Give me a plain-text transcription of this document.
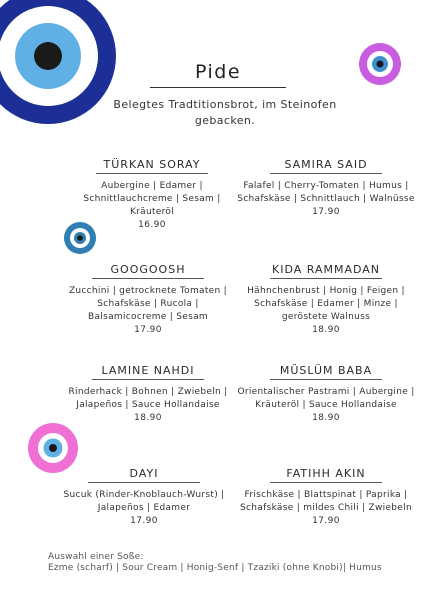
Pide
Belegtes Tradtitionsbrot, im Steinofen gebacken.
TÜRKAN SORAY
Aubergine | Edamer | Schnittlauchcreme | Sesam | Kräuteröl
16.90
SAMIRA SAID
Falafel | Cherry-Tomaten | Humus | Schafskäse | Schnittlauch | Walnüsse
17.90
GOOGOOSH
Zucchini | getrocknete Tomaten | Schafskäse | Rucola | Balsamicocreme | Sesam
17.90
KIDA RAMMADAN
Hähnchenbrust | Honig | Feigen | Schafskäse | Edamer | Minze | geröstete Walnuss
18.90
LAMINE NAHDI
Rinderhack | Bohnen | Zwiebeln | Jalapeños | Sauce Hollandaise
18.90
MÜSLÜM BABA
Orientalischer Pastrami | Aubergine | Kräuteröl | Sauce Hollandaise
18.90
DAYI
Sucuk (Rinder-Knoblauch-Wurst) | Jalapeños | Edamer
17.90
FATIHH AKIN
Frischkäse | Blattspinat | Paprika | Schafskäse | mildes Chili | Zwiebeln
17.90
Auswahl einer Soße:
Ezme (scharf) | Sour Cream | Honig-Senf | Tzaziki (ohne Knobi)| Humus
